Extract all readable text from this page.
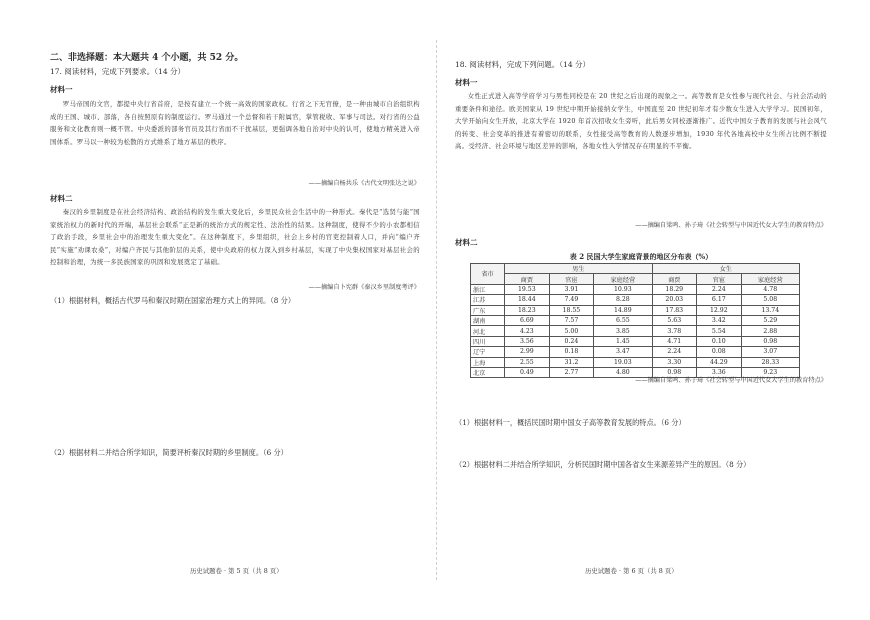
二、非选择题：本大题共 4 个小题，共 52 分。
17. 阅读材料，完成下列要求。（14 分）
材料一
罗马帝国的文官，都提中央行省首府，是按有建立一个统一高效的国家政权。行省之下无官僚，是一种由城市自治组织构成的王国、城市、部落，各自按照原有的制度运行。罗马通过一个总督和若干附属官，掌管税收、军事与司法。对行省的公益服务和文化教育则一概不管。中央委派的部务官员及其行省而不干扰基层，更强调各地自治对中央的认可，使地方精英进入帝国体系。罗马以一种较为松散的方式维系了地方基层的秩序。
——摘编自杨共乐《古代文明张达之说》
材料二
秦汉的乡里制度是在社会经济结构、政治结构的发生重大变化后，乡里民众社会生活中的一种形式。秦代是“选贤与能”国家统治权力的新时代的开端，基层社会联系“正是新的统治方式的规定性、法治性的结果。这种制度，使得不少的小农都相信了政治手段，乡里社会中的治理发生重大变化”。在这种制度下，乡里组织，社会上乡村的官吏控制着人口，并向“编户齐民”实施“劝课农桑”，对编户齐民与其他阶层的关系，使中央政府的权力深入到乡村基层，实现了中央集权国家对基层社会的控制和治理，为统一多民族国家的巩固和发展奠定了基础。
——摘编自卜宪群《秦汉乡里制度考评》
（1）根据材料，概括古代罗马和秦汉时期在国家治理方式上的异同。（8 分）
（2）根据材料二并结合所学知识，简要评析秦汉时期的乡里制度。（6 分）
历史试题卷 · 第 5 页（共 8 页）
18. 阅读材料，完成下列问题。（14 分）
材料一
女性正式进入高等学府学习与男性同校是在 20 世纪之后出现的现象之一。高等教育是女性参与现代社会、与社会活动的重要条件和途径。欧美国家从 19 世纪中期开始接纳女学生，中国直至 20 世纪初年才有少数女生进入大学学习。民国初年，大学开始向女生开放，北京大学在 1920 年首次招收女生旁听，此后男女同校逐渐推广。近代中国女子教育的发展与社会风气的转变、社会变革的推进有着密切的联系，女性接受高等教育的人数逐步增加，1930 年代各地高校中女生所占比例不断提高。受经济、社会环境与地区差异的影响，各地女性入学情况存在明显的不平衡。
——摘编自梁鸣、孙子琦《社会转型与中国近代女大学生的教育特点》
材料二
表 2 民国大学生家庭背景的地区分布表（%）
省市	男生			女生		
	商贾	官宦	家庭经营	商贾	官宦	家庭经营
浙江	19.53	3.91	10.93	18.29	2.24	4.78
江苏	18.44	7.49	8.28	20.03	6.17	5.08
广东	18.23	18.55	14.89	17.83	12.92	13.74
湖南	6.69	7.57	6.55	5.63	3.42	5.29
河北	4.23	5.00	3.85	3.78	5.54	2.88
四川	3.56	0.24	1.45	4.71	0.10	0.98
辽宁	2.99	0.18	3.47	2.24	0.08	3.07
上海	2.55	31.2	19.03	3.30	44.29	28.33
北京	0.49	2.77	4.80	0.98	3.36	9.23
——摘编自梁鸣、孙子琦《社会转型与中国近代女大学生的教育特点》
（1）根据材料一，概括民国时期中国女子高等教育发展的特点。（6 分）
（2）根据材料二并结合所学知识，分析民国时期中国各省女生来源差异产生的原因。（8 分）
历史试题卷 · 第 6 页（共 8 页）
